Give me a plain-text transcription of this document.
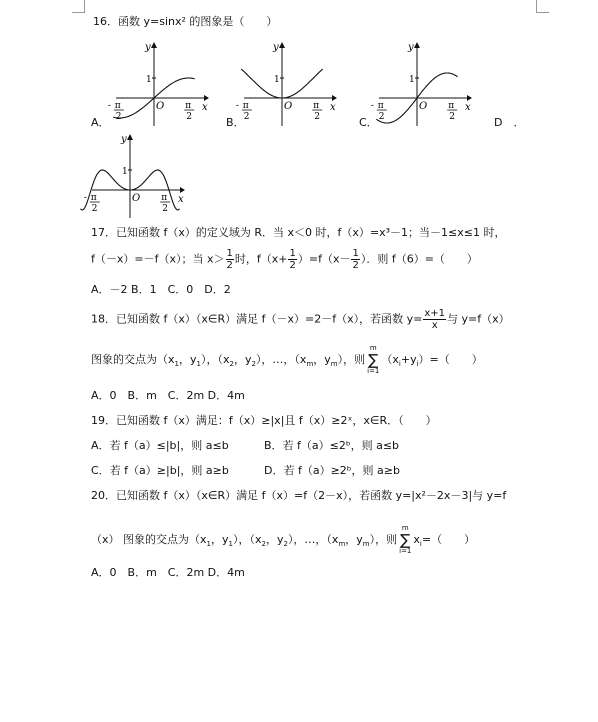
16．函数 y=sinx² 的图象是（　　）
y
x
O
1
- π
2
π
2
y
x
O
1
- π
2
π
2
y
x
O
1
- π
2
π
2
y
x
O
1
- π
2
π
2
A．	B．	C．	D　．
17．已知函数 f（x）的定义域为 R．当 x＜0 时，f（x）=x³－1；当－1≤x≤1 时，
f（－x）=－f（x）；当 $x> \frac{1}{2}$ 时，$f(x+ \frac{1}{2} )=f(x- \frac{1}{2}$ ）．则 f（6）=（　　）
A．－2 B．1　C．0　D．2
18．已知函数 f（x）（x∈R）满足 f（－x）=2－f（x），若函数 $y= \frac{x+1}{x}$ 与 y=f（x）
图象的交点为（$x_1$，$y_1$），（$x_2$，$y_2$），…，（$x_m$，$y_m$），则
m
∑
i=1
$(x_i+y_i)=$（　　）
A．0　B．m　C．2m D．4m
19．已知函数 f（x）满足：f（x）≥|x|且 f（x）≥2ˣ，x∈R．（　　）
A．若 f（a）≤|b|，则 a≤b	B．若 f（a）≤2ᵇ，则 a≤b
C．若 f（a）≥|b|，则 a≥b	D．若 f（a）≥2ᵇ，则 a≥b
20．已知函数 f（x）（x∈R）满足 f（x）=f（2－x），若函数 y=|x²－2x－3|与 y=f
（x） 图象的交点为（$x_1$，$y_1$），（$x_2$，$y_2$），…，（$x_m$，$y_m$），则
m
∑
i=1
$x_i=$（　　）
A．0　B．m　C．2m D．4m
